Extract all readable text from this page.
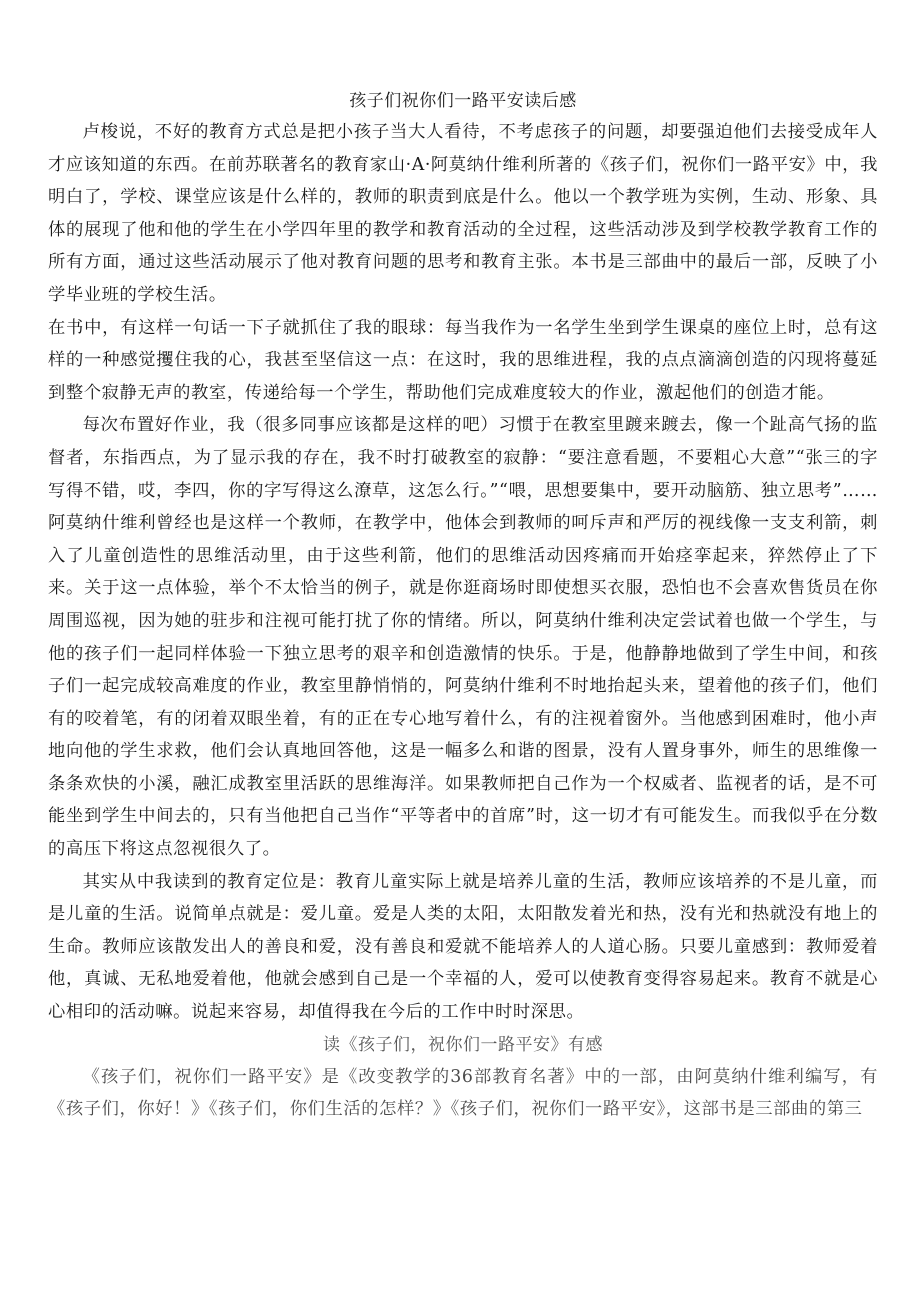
孩子们祝你们一路平安读后感

卢梭说，不好的教育方式总是把小孩子当大人看待，不考虑孩子的问题，却要强迫他们去接受成年人才应该知道的东西。在前苏联著名的教育家山·A·阿莫纳什维利所著的《孩子们，祝你们一路平安》中，我明白了，学校、课堂应该是什么样的，教师的职责到底是什么。他以一个教学班为实例，生动、形象、具体的展现了他和他的学生在小学四年里的教学和教育活动的全过程，这些活动涉及到学校教学教育工作的所有方面，通过这些活动展示了他对教育问题的思考和教育主张。本书是三部曲中的最后一部，反映了小学毕业班的学校生活。

在书中，有这样一句话一下子就抓住了我的眼球：每当我作为一名学生坐到学生课桌的座位上时，总有这样的一种感觉攫住我的心，我甚至坚信这一点：在这时，我的思维进程，我的点点滴滴创造的闪现将蔓延到整个寂静无声的教室，传递给每一个学生，帮助他们完成难度较大的作业，激起他们的创造才能。

每次布置好作业，我（很多同事应该都是这样的吧）习惯于在教室里踱来踱去，像一个趾高气扬的监督者，东指西点，为了显示我的存在，我不时打破教室的寂静：“要注意看题，不要粗心大意”“张三的字写得不错，哎，李四，你的字写得这么潦草，这怎么行。”“喂，思想要集中，要开动脑筋、独立思考”……阿莫纳什维利曾经也是这样一个教师，在教学中，他体会到教师的呵斥声和严厉的视线像一支支利箭，刺入了儿童创造性的思维活动里，由于这些利箭，他们的思维活动因疼痛而开始痉挛起来，猝然停止了下来。关于这一点体验，举个不太恰当的例子，就是你逛商场时即使想买衣服，恐怕也不会喜欢售货员在你周围巡视，因为她的驻步和注视可能打扰了你的情绪。所以，阿莫纳什维利决定尝试着也做一个学生，与他的孩子们一起同样体验一下独立思考的艰辛和创造激情的快乐。于是，他静静地做到了学生中间，和孩子们一起完成较高难度的作业，教室里静悄悄的，阿莫纳什维利不时地抬起头来，望着他的孩子们，他们有的咬着笔，有的闭着双眼坐着，有的正在专心地写着什么，有的注视着窗外。当他感到困难时，他小声地向他的学生求救，他们会认真地回答他，这是一幅多么和谐的图景，没有人置身事外，师生的思维像一条条欢快的小溪，融汇成教室里活跃的思维海洋。如果教师把自己作为一个权威者、监视者的话，是不可能坐到学生中间去的，只有当他把自己当作“平等者中的首席”时，这一切才有可能发生。而我似乎在分数的高压下将这点忽视很久了。

其实从中我读到的教育定位是：教育儿童实际上就是培养儿童的生活，教师应该培养的不是儿童，而是儿童的生活。说简单点就是：爱儿童。爱是人类的太阳，太阳散发着光和热，没有光和热就没有地上的生命。教师应该散发出人的善良和爱，没有善良和爱就不能培养人的人道心肠。只要儿童感到：教师爱着他，真诚、无私地爱着他，他就会感到自己是一个幸福的人，爱可以使教育变得容易起来。教育不就是心心相印的活动嘛。说起来容易，却值得我在今后的工作中时时深思。

读《孩子们，祝你们一路平安》有感

《孩子们，祝你们一路平安》是《改变教学的36部教育名著》中的一部，由阿莫纳什维利编写，有《孩子们，你好！》《孩子们，你们生活的怎样？》《孩子们，祝你们一路平安》，这部书是三部曲的第三
